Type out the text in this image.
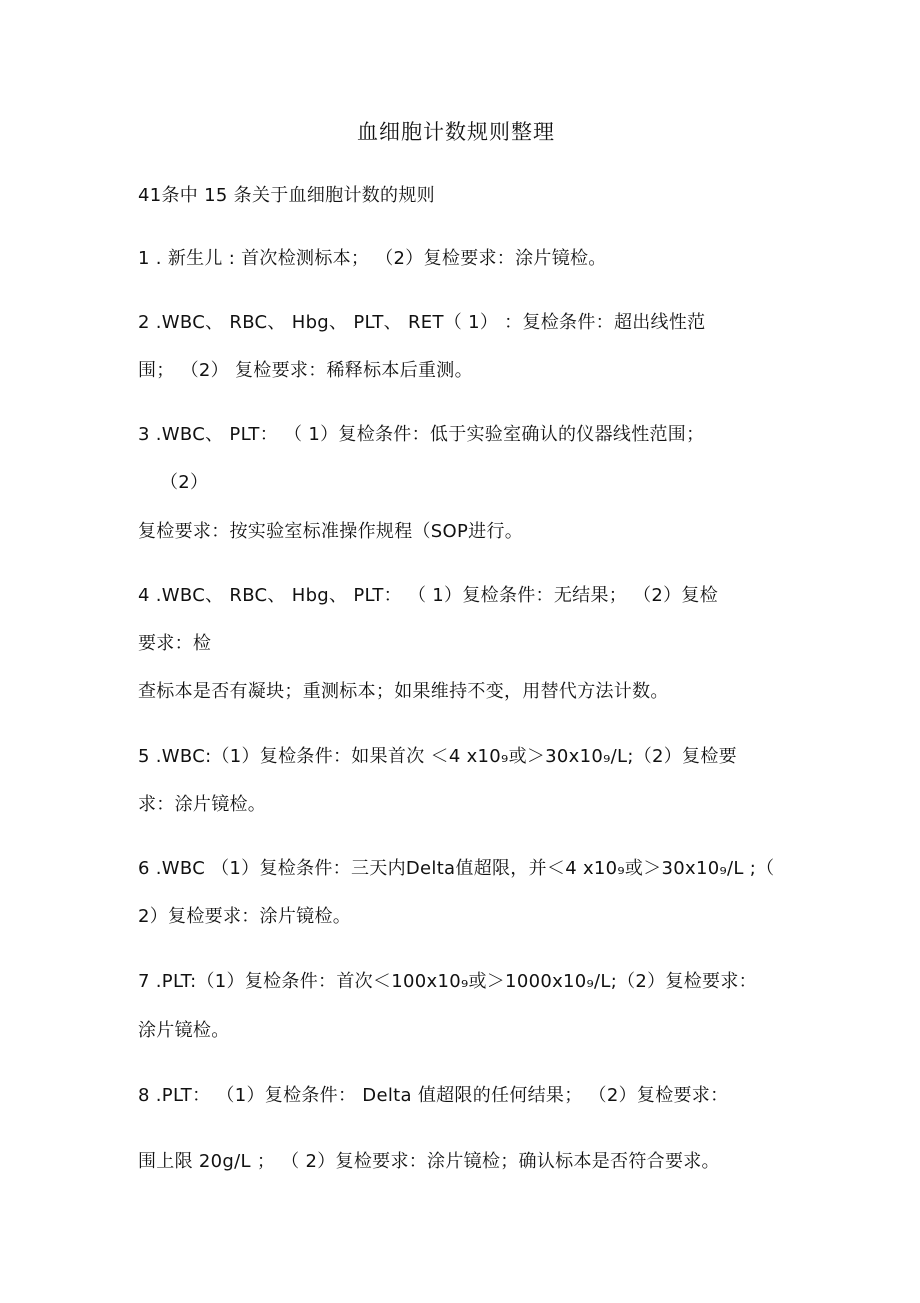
血细胞计数规则整理
41条中 15 条关于血细胞计数的规则
1 . 新生儿 : 首次检测标本； （2）复检要求：涂片镜检。
2 .WBC、 RBC、 Hbg、 PLT、 RET（ 1） ：复检条件：超出线性范
围； （2） 复检要求：稀释标本后重测。
3 .WBC、 PLT： （ 1）复检条件：低于实验室确认的仪器线性范围；
（2）
复检要求：按实验室标准操作规程（SOP进行。
4 .WBC、 RBC、 Hbg、 PLT： （ 1）复检条件：无结果； （2）复检
要求：检
查标本是否有凝块；重测标本；如果维持不变，用替代方法计数。
5 .WBC:（1）复检条件：如果首次 ＜4 x10₉或＞30x10₉/L;（2）复检要
求：涂片镜检。
6 .WBC （1）复检条件：三天内Delta值超限，并＜4 x10₉或＞30x10₉/L ;（
2）复检要求：涂片镜检。
7 .PLT:（1）复检条件：首次＜100x10₉或＞1000x10₉/L;（2）复检要求：
涂片镜检。
8 .PLT： （1）复检条件： Delta 值超限的任何结果； （2）复检要求：
围上限 20g/L ； （ 2）复检要求：涂片镜检；确认标本是否符合要求。
